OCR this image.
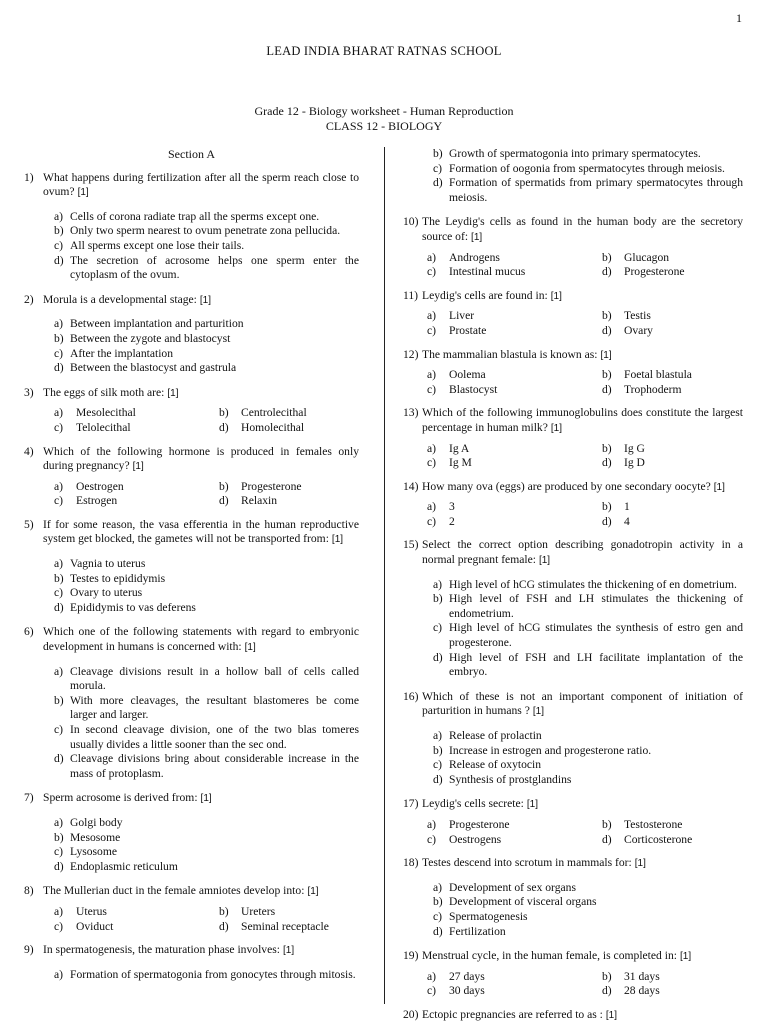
1
LEAD INDIA BHARAT RATNAS SCHOOL
Grade 12 - Biology worksheet - Human Reproduction
CLASS 12 - BIOLOGY
Section A
1) What happens during fertilization after all the sperm reach close to ovum? [1]
a) Cells of corona radiate trap all the sperms except one.
b) Only two sperm nearest to ovum penetrate zona pellucida.
c) All sperms except one lose their tails.
d) The secretion of acrosome helps one sperm enter the cytoplasm of the ovum.
2) Morula is a developmental stage: [1]
a) Between implantation and parturition
b) Between the zygote and blastocyst
c) After the implantation
d) Between the blastocyst and gastrula
3) The eggs of silk moth are: [1]
a)	Mesolecithal	b)	Centrolecithal
c)	Telolecithal	d)	Homolecithal
4) Which of the following hormone is produced in females only during pregnancy? [1]
a)	Oestrogen	b)	Progesterone
c)	Estrogen	d)	Relaxin
5) If for some reason, the vasa efferentia in the human reproductive system get blocked, the gametes will not be transported from: [1]
a) Vagnia to uterus
b) Testes to epididymis
c) Ovary to uterus
d) Epididymis to vas deferens
6) Which one of the following statements with regard to embryonic development in humans is concerned with: [1]
a) Cleavage divisions result in a hollow ball of cells called morula.
b) With more cleavages, the resultant blastomeres be come larger and larger.
c) In second cleavage division, one of the two blas tomeres usually divides a little sooner than the sec ond.
d) Cleavage divisions bring about considerable increase in the mass of protoplasm.
7) Sperm acrosome is derived from: [1]
a) Golgi body
b) Mesosome
c) Lysosome
d) Endoplasmic reticulum
8) The Mullerian duct in the female amniotes develop into: [1]
a)	Uterus	b)	Ureters
c)	Oviduct	d)	Seminal receptacle
9) In spermatogenesis, the maturation phase involves: [1]
a) Formation of spermatogonia from gonocytes through mitosis.
b) Growth of spermatogonia into primary spermatocytes.
c) Formation of oogonia from spermatocytes through meiosis.
d) Formation of spermatids from primary spermatocytes through meiosis.
10) The Leydig's cells as found in the human body are the secretory source of: [1]
a)	Androgens	b)	Glucagon
c)	Intestinal mucus	d)	Progesterone
11) Leydig's cells are found in: [1]
a)	Liver	b)	Testis
c)	Prostate	d)	Ovary
12) The mammalian blastula is known as: [1]
a)	Oolema	b)	Foetal blastula
c)	Blastocyst	d)	Trophoderm
13) Which of the following immunoglobulins does constitute the largest percentage in human milk? [1]
a)	Ig A	b)	Ig G
c)	Ig M	d)	Ig D
14) How many ova (eggs) are produced by one secondary oocyte? [1]
a)	3	b)	1
c)	2	d)	4
15) Select the correct option describing gonadotropin activity in a normal pregnant female: [1]
a) High level of hCG stimulates the thickening of en dometrium.
b) High level of FSH and LH stimulates the thickening of endometrium.
c) High level of hCG stimulates the synthesis of estro gen and progesterone.
d) High level of FSH and LH facilitate implantation of the embryo.
16) Which of these is not an important component of initiation of parturition in humans ? [1]
a) Release of prolactin
b) Increase in estrogen and progesterone ratio.
c) Release of oxytocin
d) Synthesis of prostglandins
17) Leydig's cells secrete: [1]
a)	Progesterone	b)	Testosterone
c)	Oestrogens	d)	Corticosterone
18) Testes descend into scrotum in mammals for: [1]
a) Development of sex organs
b) Development of visceral organs
c) Spermatogenesis
d) Fertilization
19) Menstrual cycle, in the human female, is completed in: [1]
a)	27 days	b)	31 days
c)	30 days	d)	28 days
20) Ectopic pregnancies are referred to as : [1]
